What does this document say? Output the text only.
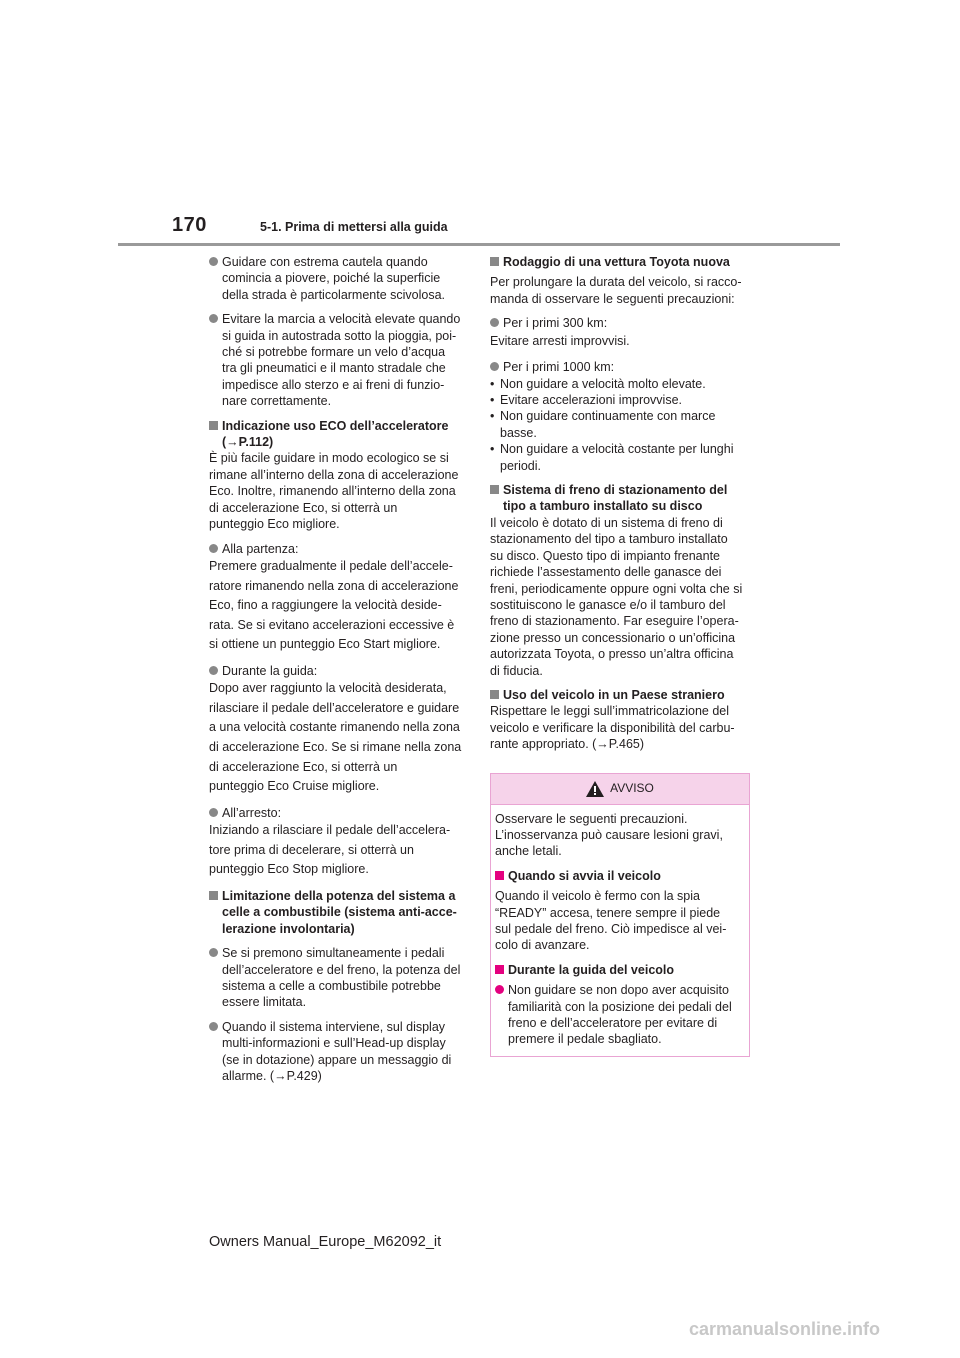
170	5-1. Prima di mettersi alla guida

Guidare con estrema cautela quando

comincia a piovere, poiché la superficie

della strada è particolarmente scivolosa.

Evitare la marcia a velocità elevate quando

si guida in autostrada sotto la pioggia, poi-

ché si potrebbe formare un velo d’acqua

tra gli pneumatici e il manto stradale che

impedisce allo sterzo e ai freni di funzio-

nare correttamente.

Indicazione uso ECO dell’acceleratore

(→P.112)

È più facile guidare in modo ecologico se si

rimane all’interno della zona di accelerazione

Eco. Inoltre, rimanendo all’interno della zona

di accelerazione Eco, si otterrà un

punteggio Eco migliore.

Alla partenza:

Premere gradualmente il pedale dell’accele-

ratore rimanendo nella zona di accelerazione

Eco, fino a raggiungere la velocità deside-

rata. Se si evitano accelerazioni eccessive è

si ottiene un punteggio Eco Start migliore.

Durante la guida:

Dopo aver raggiunto la velocità desiderata,

rilasciare il pedale dell’acceleratore e guidare

a una velocità costante rimanendo nella zona

di accelerazione Eco. Se si rimane nella zona

di accelerazione Eco, si otterrà un

punteggio Eco Cruise migliore.

All’arresto:

Iniziando a rilasciare il pedale dell’accelera-

tore prima di decelerare, si otterrà un

punteggio Eco Stop migliore.

Limitazione della potenza del sistema a

celle a combustibile (sistema anti-acce-

lerazione involontaria)

Se si premono simultaneamente i pedali

dell’acceleratore e del freno, la potenza del

sistema a celle a combustibile potrebbe

essere limitata.

Quando il sistema interviene, sul display

multi-informazioni e sull’Head-up display

(se in dotazione) appare un messaggio di

allarme. (→P.429)

Rodaggio di una vettura Toyota nuova

Per prolungare la durata del veicolo, si racco-

manda di osservare le seguenti precauzioni:

Per i primi 300 km:

Evitare arresti improvvisi.

Per i primi 1000 km:

• Non guidare a velocità molto elevate.

• Evitare accelerazioni improvvise.

• Non guidare continuamente con marce

basse.

• Non guidare a velocità costante per lunghi

periodi.

Sistema di freno di stazionamento del

tipo a tamburo installato su disco

Il veicolo è dotato di un sistema di freno di

stazionamento del tipo a tamburo installato

su disco. Questo tipo di impianto frenante

richiede l’assestamento delle ganasce dei

freni, periodicamente oppure ogni volta che si

sostituiscono le ganasce e/o il tamburo del

freno di stazionamento. Far eseguire l’opera-

zione presso un concessionario o un’officina

autorizzata Toyota, o presso un’altra officina

di fiducia.

Uso del veicolo in un Paese straniero

Rispettare le leggi sull’immatricolazione del

veicolo e verificare la disponibilità del carbu-

rante appropriato. (→P.465)

AVVISO

Osservare le seguenti precauzioni.

L’inosservanza può causare lesioni gravi,

anche letali.

Quando si avvia il veicolo

Quando il veicolo è fermo con la spia

“READY” accesa, tenere sempre il piede

sul pedale del freno. Ciò impedisce al vei-

colo di avanzare.

Durante la guida del veicolo

Non guidare se non dopo aver acquisito

familiarità con la posizione dei pedali del

freno e dell’acceleratore per evitare di

premere il pedale sbagliato.

Owners Manual_Europe_M62092_it
carmanualsonline.info
